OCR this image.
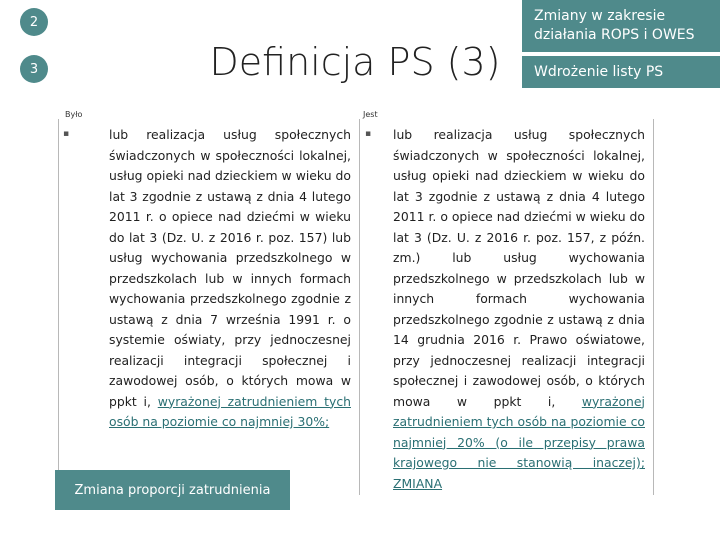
2
3	Definicja PS (3)
Zmiany w zakresie działania ROPS i OWES
Wdrożenie listy PS
Było	Jest
▪	lub realizacja usług społecznych świadczonych w społeczności lokalnej, usług opieki nad dzieckiem w wieku do lat 3 zgodnie z ustawą z dnia 4 lutego 2011 r. o opiece nad dziećmi w wieku do lat 3 (Dz. U. z 2016 r. poz. 157) lub usług wychowania przedszkolnego w przedszkolach lub w innych formach wychowania przedszkolnego zgodnie z ustawą z dnia 7 września 1991 r. o systemie oświaty, przy jednoczesnej realizacji integracji społecznej i zawodowej osób, o których mowa w ppkt i, wyrażonej zatrudnieniem tych osób na poziomie co najmniej 30%;
▪ lub realizacja usług społecznych świadczonych w społeczności lokalnej, usług opieki nad dzieckiem w wieku do lat 3 zgodnie z ustawą z dnia 4 lutego 2011 r. o opiece nad dziećmi w wieku do lat 3 (Dz. U. z 2016 r. poz. 157, z późn. zm.) lub usług wychowania przedszkolnego w przedszkolach lub w innych formach wychowania przedszkolnego zgodnie z ustawą z dnia 14 grudnia 2016 r. Prawo oświatowe, przy jednoczesnej realizacji integracji społecznej i zawodowej osób, o których mowa w ppkt i, wyrażonej zatrudnieniem tych osób na poziomie co najmniej 20% (o ile przepisy prawa krajowego nie stanowią inaczej); ZMIANA
Zmiana proporcji zatrudnienia
